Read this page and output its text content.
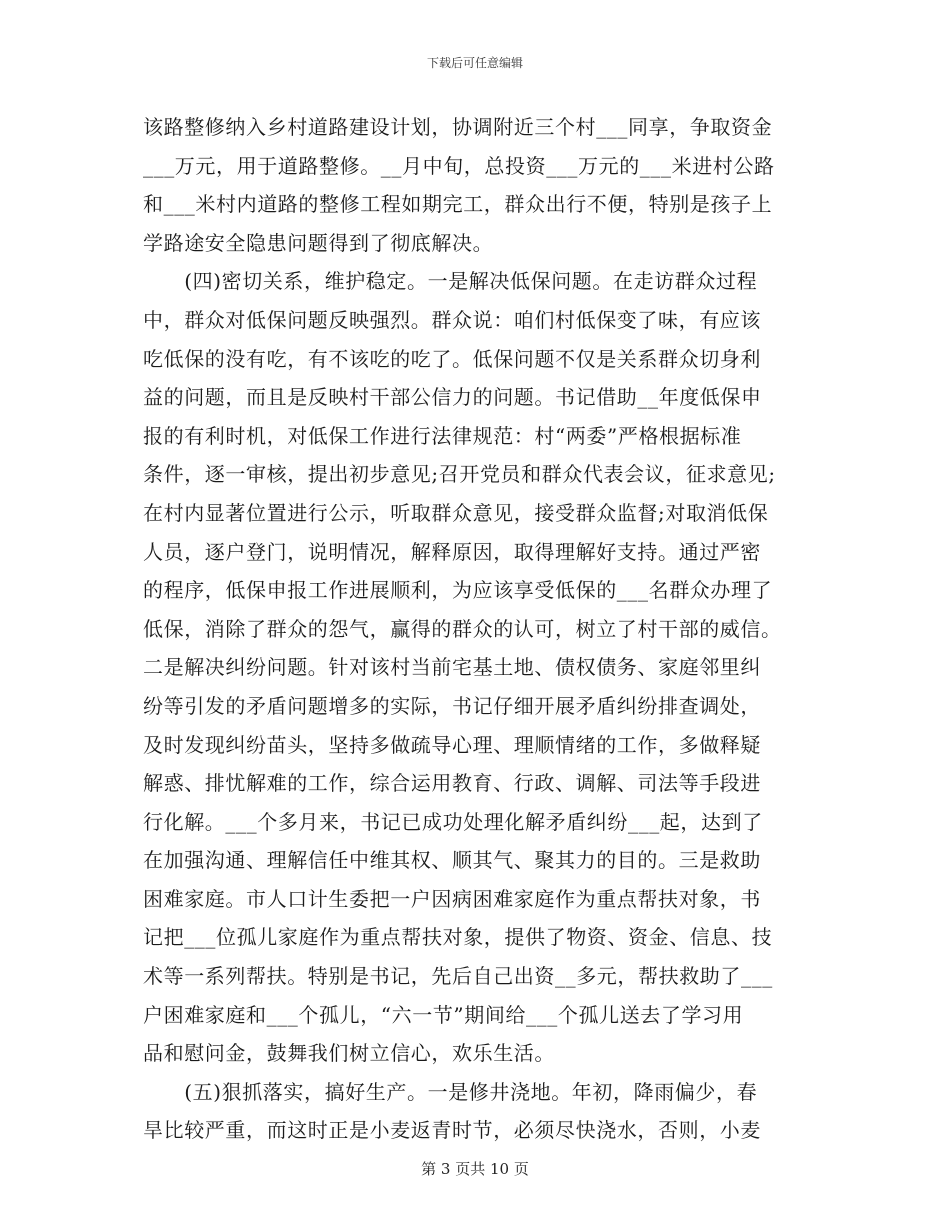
下载后可任意编辑
该路整修纳入乡村道路建设计划，协调附近三个村___同享，争取资金
___万元，用于道路整修。__月中旬，总投资___万元的___米进村公路
和___米村内道路的整修工程如期完工，群众出行不便，特别是孩子上
学路途安全隐患问题得到了彻底解决。
　　(四)密切关系，维护稳定。一是解决低保问题。在走访群众过程
中，群众对低保问题反映强烈。群众说：咱们村低保变了味，有应该
吃低保的没有吃，有不该吃的吃了。低保问题不仅是关系群众切身利
益的问题，而且是反映村干部公信力的问题。书记借助__年度低保申
报的有利时机，对低保工作进行法律规范：村“两委”严格根据标准
条件，逐一审核，提出初步意见;召开党员和群众代表会议，征求意见;
在村内显著位置进行公示，听取群众意见，接受群众监督;对取消低保
人员，逐户登门，说明情况，解释原因，取得理解好支持。通过严密
的程序，低保申报工作进展顺利，为应该享受低保的___名群众办理了
低保，消除了群众的怨气，赢得的群众的认可，树立了村干部的威信。
二是解决纠纷问题。针对该村当前宅基土地、债权债务、家庭邻里纠
纷等引发的矛盾问题增多的实际，书记仔细开展矛盾纠纷排查调处，
及时发现纠纷苗头，坚持多做疏导心理、理顺情绪的工作，多做释疑
解惑、排忧解难的工作，综合运用教育、行政、调解、司法等手段进
行化解。___个多月来，书记已成功处理化解矛盾纠纷___起，达到了
在加强沟通、理解信任中维其权、顺其气、聚其力的目的。三是救助
困难家庭。市人口计生委把一户因病困难家庭作为重点帮扶对象，书
记把___位孤儿家庭作为重点帮扶对象，提供了物资、资金、信息、技
术等一系列帮扶。特别是书记，先后自己出资__多元，帮扶救助了___
户困难家庭和___个孤儿，“六一节”期间给___个孤儿送去了学习用
品和慰问金，鼓舞我们树立信心，欢乐生活。
　　(五)狠抓落实，搞好生产。一是修井浇地。年初，降雨偏少，春
旱比较严重，而这时正是小麦返青时节，必须尽快浇水，否则，小麦
第 3 页共 10 页
